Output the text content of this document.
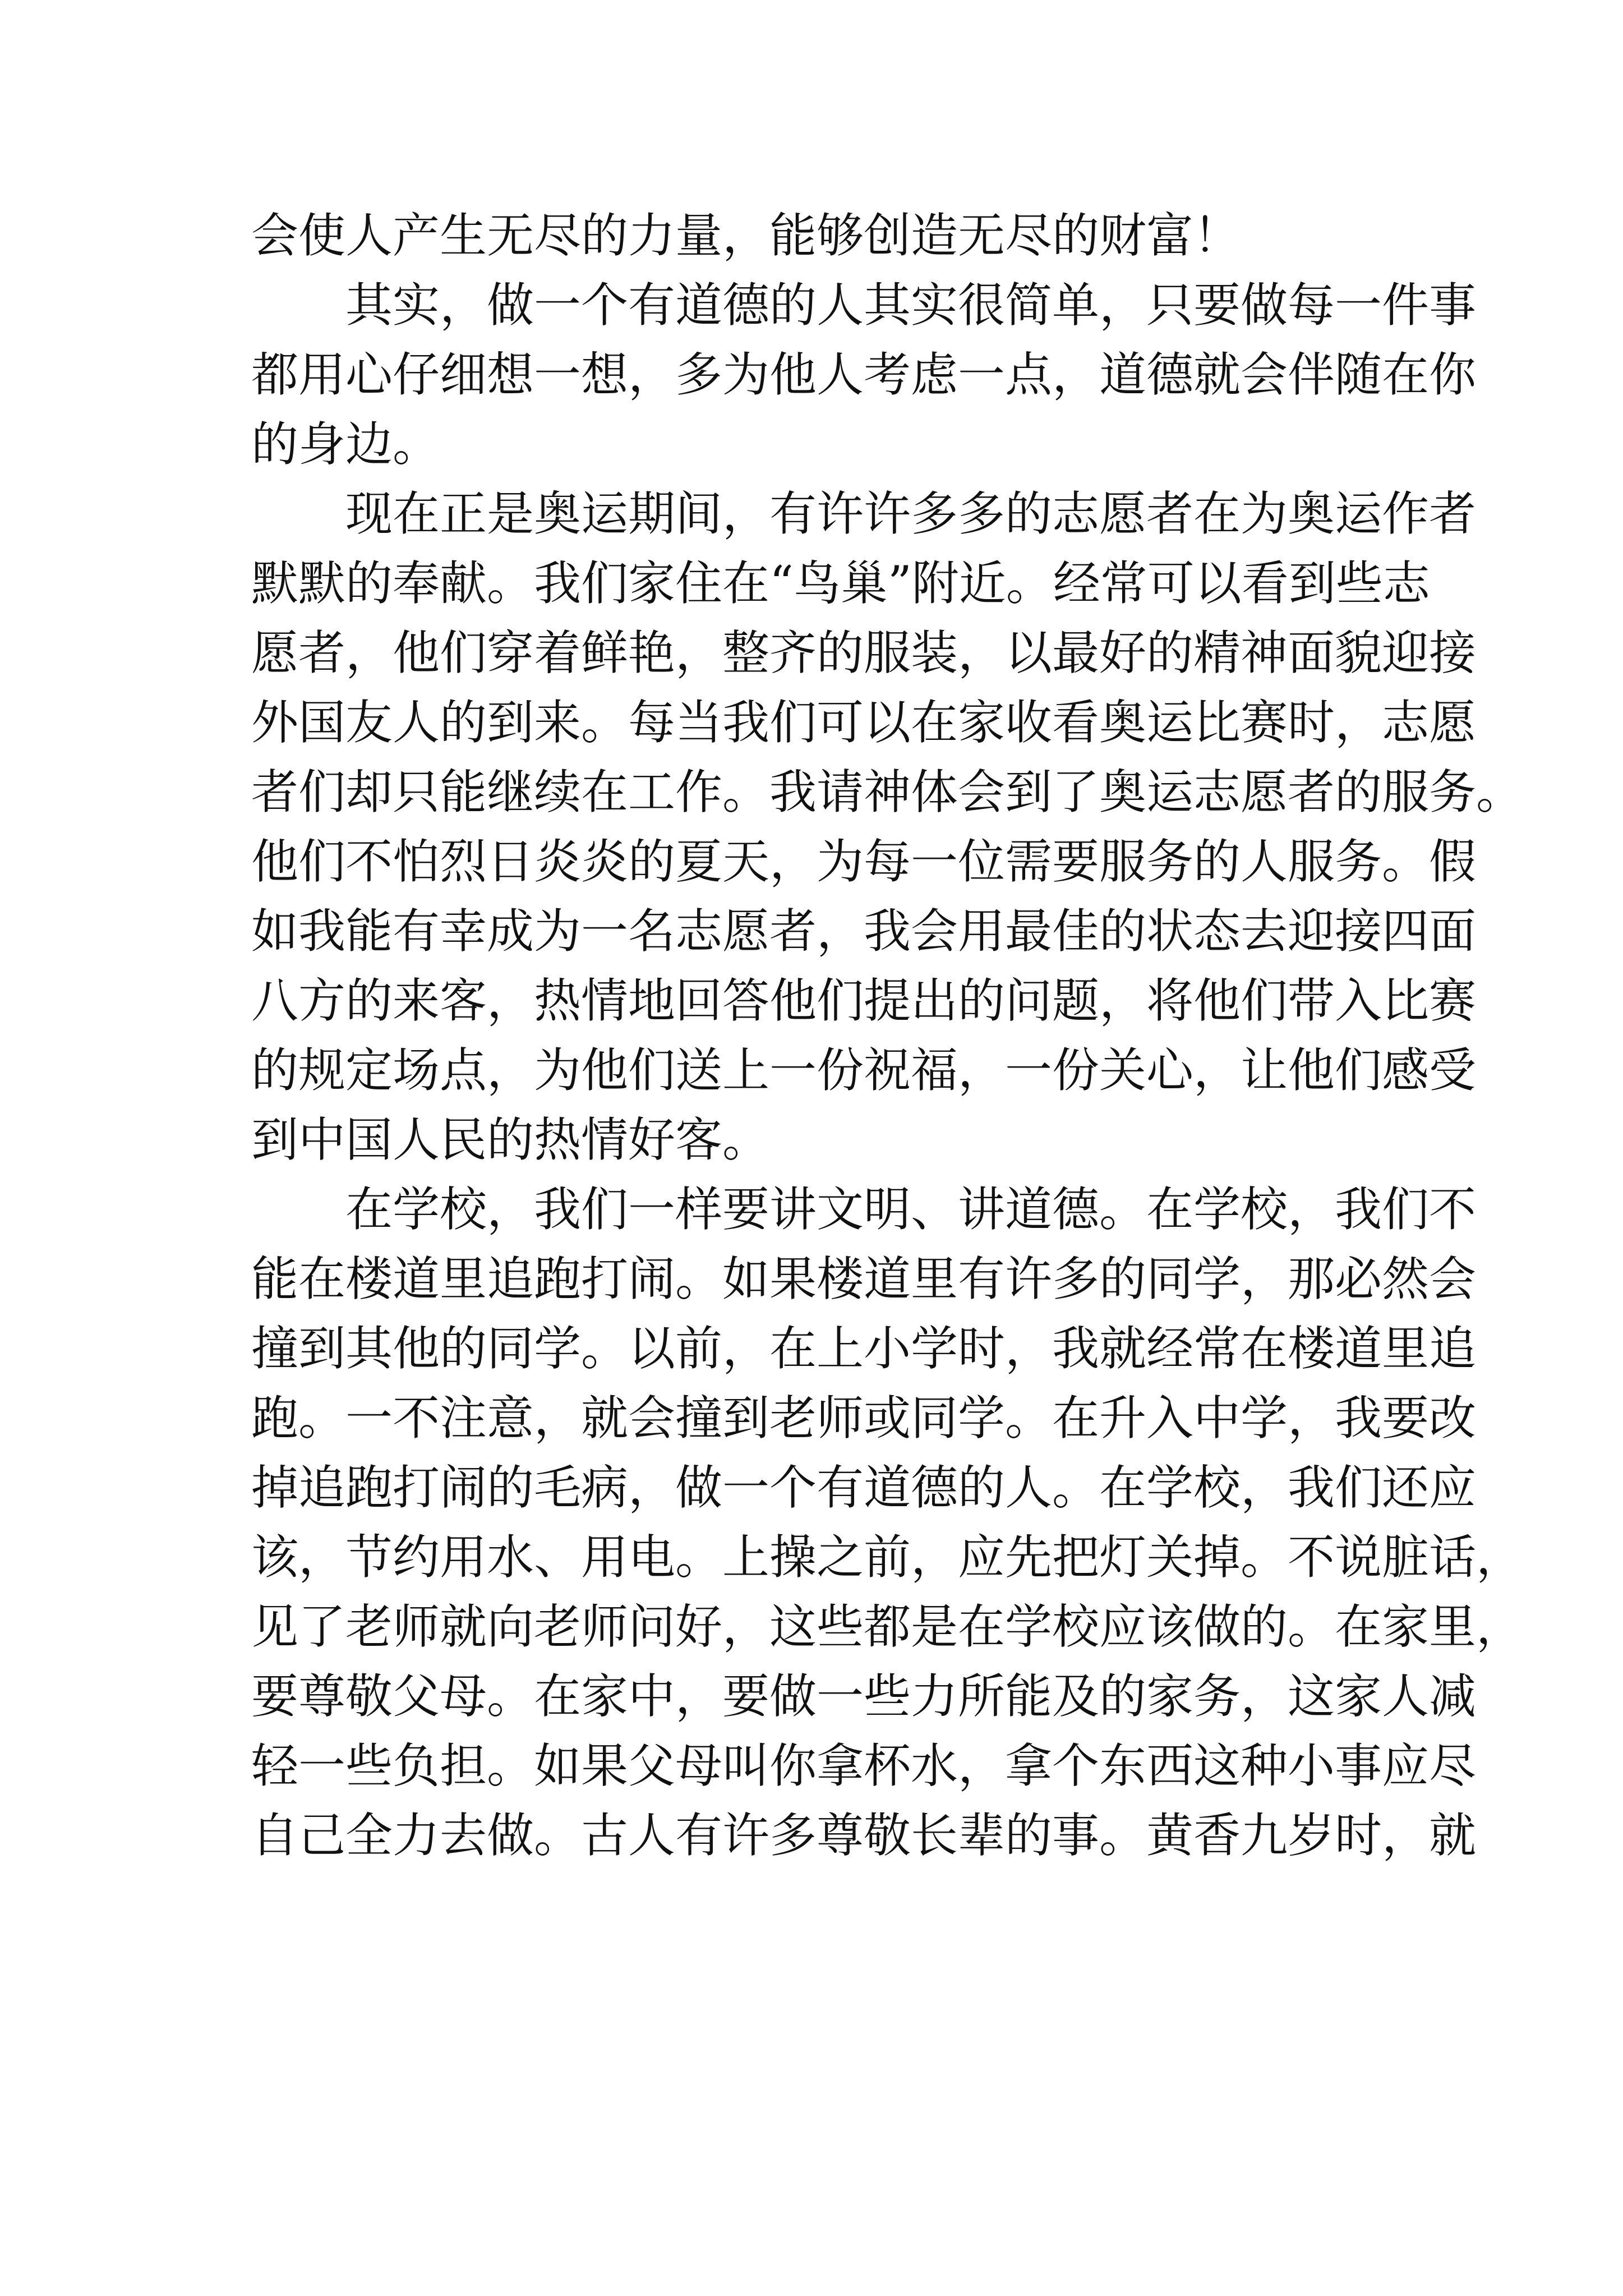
会使人产生无尽的力量，能够创造无尽的财富！
其实，做一个有道德的人其实很简单，只要做每一件事
都用心仔细想一想，多为他人考虑一点，道德就会伴随在你
的身边。
现在正是奥运期间，有许许多多的志愿者在为奥运作者
默默的奉献。我们家住在“鸟巢”附近。经常可以看到些志
愿者，他们穿着鲜艳，整齐的服装，以最好的精神面貌迎接
外国友人的到来。每当我们可以在家收看奥运比赛时，志愿
者们却只能继续在工作。我请神体会到了奥运志愿者的服务。
他们不怕烈日炎炎的夏天，为每一位需要服务的人服务。假
如我能有幸成为一名志愿者，我会用最佳的状态去迎接四面
八方的来客，热情地回答他们提出的问题，将他们带入比赛
的规定场点，为他们送上一份祝福，一份关心，让他们感受
到中国人民的热情好客。
在学校，我们一样要讲文明、讲道德。在学校，我们不
能在楼道里追跑打闹。如果楼道里有许多的同学，那必然会
撞到其他的同学。以前，在上小学时，我就经常在楼道里追
跑。一不注意，就会撞到老师或同学。在升入中学，我要改
掉追跑打闹的毛病，做一个有道德的人。在学校，我们还应
该，节约用水、用电。上操之前，应先把灯关掉。不说脏话，
见了老师就向老师问好，这些都是在学校应该做的。在家里，
要尊敬父母。在家中，要做一些力所能及的家务，这家人减
轻一些负担。如果父母叫你拿杯水，拿个东西这种小事应尽
自己全力去做。古人有许多尊敬长辈的事。黄香九岁时，就
